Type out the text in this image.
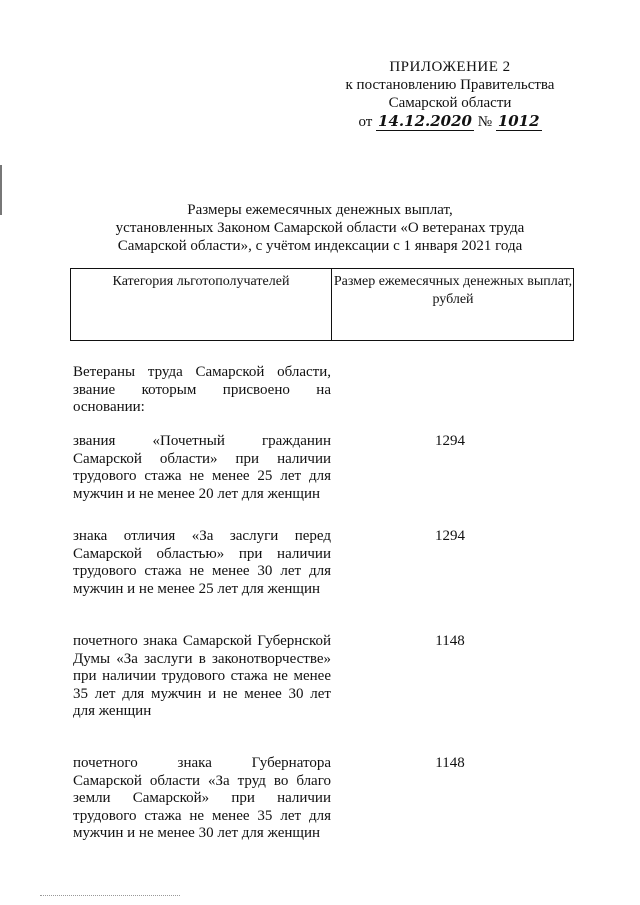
ПРИЛОЖЕНИЕ 2
к постановлению Правительства
Самарской области
от 14.12.2020 № 1012
Размеры ежемесячных денежных выплат,
установленных Законом Самарской области «О ветеранах труда
Самарской области», с учётом индексации с 1 января 2021 года
Категория льготополучателей	Размер ежемесячных денежных выплат, рублей
Ветераны труда Самарской области, звание которым присвоено на основании:
звания «Почетный гражданин Самарской области» при наличии трудового стажа не менее 25 лет для мужчин и не менее 20 лет для женщин
1294
знака отличия «За заслуги перед Самарской областью» при наличии трудового стажа не менее 30 лет для мужчин и не менее 25 лет для женщин
1294
почетного знака Самарской Губернской Думы «За заслуги в законотворчестве» при наличии трудового стажа не менее 35 лет для мужчин и не менее 30 лет для женщин
1148
почетного знака Губернатора Самарской области «За труд во благо земли Самарской» при наличии трудового стажа не менее 35 лет для мужчин и не менее 30 лет для женщин
1148
